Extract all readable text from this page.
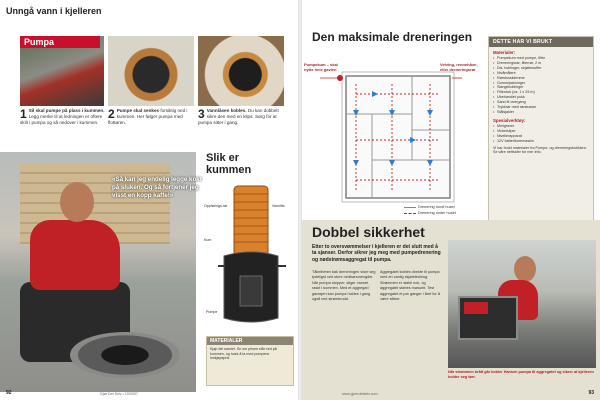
Unngå vann i kjelleren
Pumpa
1 Sil skal pumpe på plass i kummen. Legg merke til at ledningen er oftere skilt i pumpa og så nedover i kummen.
2 Pumpe skal senkes forsiktig ned i kummen. Her følger pumpa med flottøren.
3 Vannlåsen kobles. Du kan dobbelt sikre den med en klips. Sørg for at pumpa sitter i gang.
«Så kan jeg endelig legge kokt på sluken. Og så fortjener jeg visst en kopp kaffe!»
Slik er
kummen
Oppførings-rør	Vannlås
Kum
Pumpe
MATERIALER
Kjøp del samlet. Se om prisen står ved på kummen, og husk å ta med pumpens innkjøpspris.
92	Gjør Det Selv • 10/2007
Den maksimale dreneringen
Pumpekum – skal nytte hele gavlen
Veiving, rennehåvn, eller dreneringsrør
Drenering rundt huset
Drenering under huset
DETTE HAR VI BRUKT
Materialer:
• Pumpekum med pumpe, filtre
• Dreneringsrør, filterrør, 2 m
• Dis. koblinger, skjøtemuffer
• Nivåmålere
• Rørstussklemme
• Gummipakninger
• Slangekoblinger
• Filterduk (ca. 1 x 25 m)
• Ubehandlet pukk
• Sand til overgang
• Trykkrør med rørstusser
• Stålsjakler
Spesialverktøy:
• Minigraver
• Vinkelsliper
• Nivellerapparat
• 12V batteriboremaskin
Vi har brukt materialer fra Pumpe- og dreneringsbutikken. Se våre nettsider for mer info.
Dobbel sikkerhet
Etter to oversvømmelser i kjelleren er det slutt med å ta sjanser. Derfor sikrer jeg meg med pumpedrenering og nødstrømsaggregat til pumpa.
Tåkelheten bak dreneringen viser seg tydeligst ved store nedbørsmengder. Når pumpa stopper, stiger vannet raskt i kummen. Med et aggregat i garasjen kan pumpa holdes i gang også ved strømbrudd.
Aggregatet kobles direkte til pumpa med en vanlig skjøteledning. Strømmen er stabil nok, og aggregatet startes manuelt. Test aggregatet et par ganger i året for å være sikker.
Når strømmen brått går kobler Hansen pumpa til aggregatet og sikrer at kjelleren holder seg tørr.
www.gjoerdetselv.com	93
